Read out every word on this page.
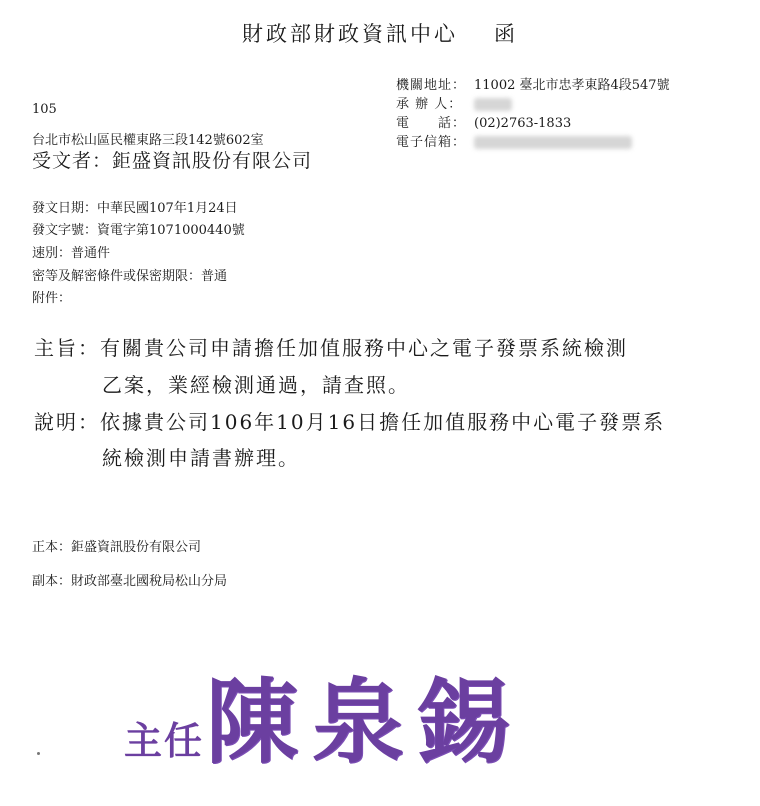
財政部財政資訊中心 函
機關地址： 11002 臺北市忠孝東路4段547號
承 辦 人：
電　　話： (02)2763-1833
電子信箱：
105
台北市松山區民權東路三段142號602室
受文者：鉅盛資訊股份有限公司
發文日期：中華民國107年1月24日
發文字號：資電字第1071000440號
速別：普通件
密等及解密條件或保密期限：普通
附件：
主旨：有關貴公司申請擔任加值服務中心之電子發票系統檢測
乙案，業經檢測通過，請查照。
說明：依據貴公司106年10月16日擔任加值服務中心電子發票系
統檢測申請書辦理。
正本：鉅盛資訊股份有限公司
副本：財政部臺北國稅局松山分局
主任 陳泉錫
